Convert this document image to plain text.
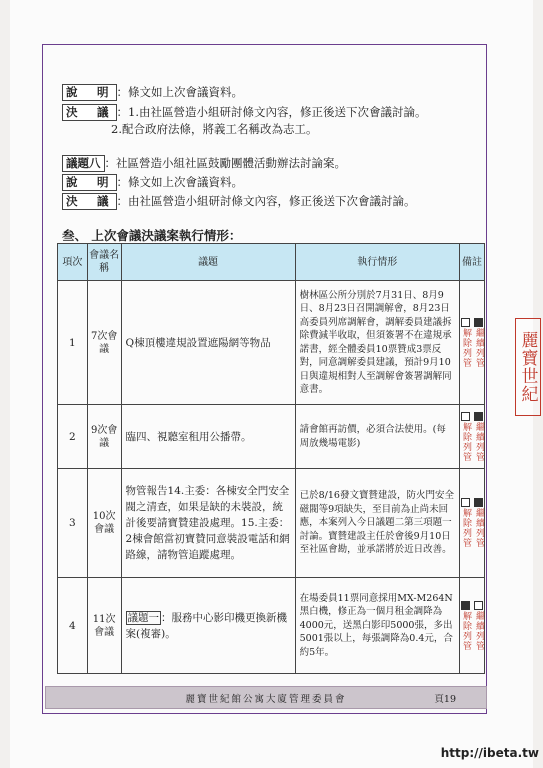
麗寶世紀
說　明 ：條文如上次會議資料。
決　議 ：1.由社區營造小組研討條文內容，修正後送下次會議討論。
2.配合政府法條，將義工名稱改為志工。
議題八 ：社區營造小組社區鼓勵團體活動辦法討論案。
說　明 ：條文如上次會議資料。
決　議 ：由社區營造小組研討條文內容，修正後送下次會議討論。
叁、 上次會議決議案執行情形：
項次	會議名稱	議題	執行情形	備註
1	7次會議	Q棟頂樓違規設置遮陽網等物品	樹林區公所分別於7月31日、8月9日、8月23日召開調解會，8月23日高委員列席調解會，調解委員建議拆除費減半收取，但須簽署不在違規承諾書，經全體委員10票贊成3票反對，同意調解委員建議，預計9月10日與違規相對人至調解會簽署調解同意書。	解除列管 繼續列管

2	9次會議	臨四、視聽室租用公播帶。	請會館再訪價，必須合法使用。(每周放幾場電影)	解除列管 繼續列管

3	10次會議	物管報告14.主委：各棟安全門安全閥之清查，如果是缺的未裝設，統計後要請寶贊建設處理。15.主委：2棟會館當初寶贊同意裝設電話和網路線，請物管追蹤處理。	已於8/16發文寶贊建設，防火門安全磁閥等9項缺失，至目前為止尚未回應，本案列入今日議題二第三項題一討論。寶贊建設主任於會後9月10日至社區會勘，並承諾將於近日改善。	解除列管 繼續列管

4	11次會議	議題一 ：服務中心影印機更換新機案(複審)。	在場委員11票同意採用MX-M264N黑白機，修正為一個月租金調降為4000元，送黑白影印5000張，多出5001張以上，每張調降為0.4元，合約5年。	解除列管 繼續列管
麗寶世紀館公寓大廈管理委員會	頁19
http://ibeta.tw
